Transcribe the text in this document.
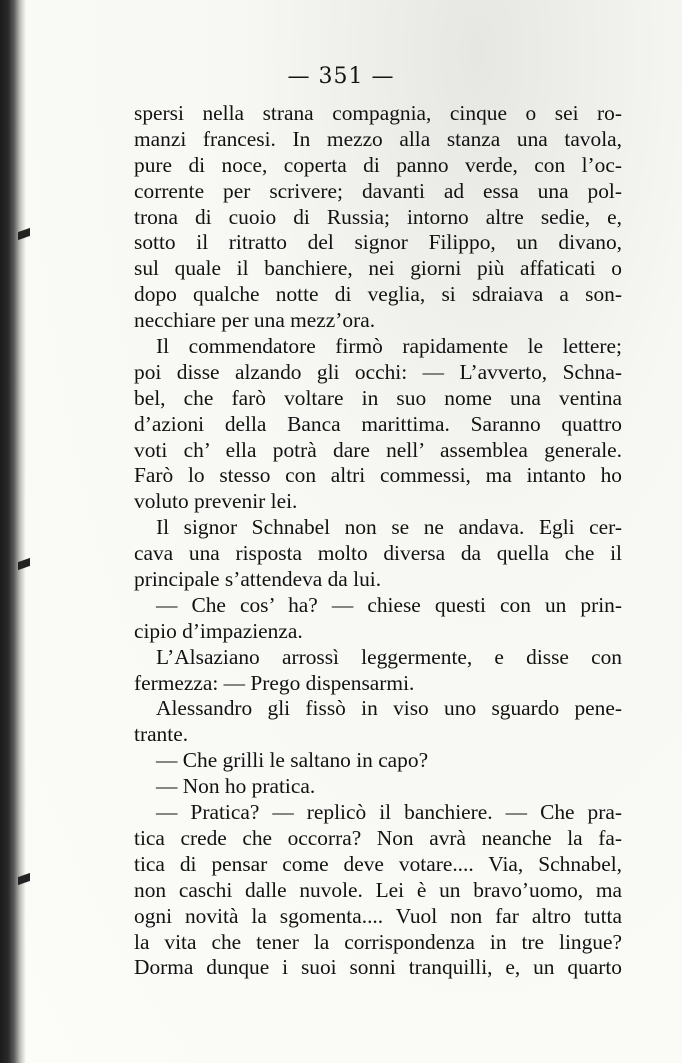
— 351 —
spersi nella strana compagnia, cinque o sei ro-
manzi francesi. In mezzo alla stanza una tavola,
pure di noce, coperta di panno verde, con l’oc-
corrente per scrivere; davanti ad essa una pol-
trona di cuoio di Russia; intorno altre sedie, e,
sotto il ritratto del signor Filippo, un divano,
sul quale il banchiere, nei giorni più affaticati o
dopo qualche notte di veglia, si sdraiava a son-
necchiare per una mezz’ora.
Il commendatore firmò rapidamente le lettere;
poi disse alzando gli occhi: — L’avverto, Schna-
bel, che farò voltare in suo nome una ventina
d’azioni della Banca marittima. Saranno quattro
voti ch’ ella potrà dare nell’ assemblea generale.
Farò lo stesso con altri commessi, ma intanto ho
voluto prevenir lei.
Il signor Schnabel non se ne andava. Egli cer-
cava una risposta molto diversa da quella che il
principale s’attendeva da lui.
— Che cos’ ha? — chiese questi con un prin-
cipio d’impazienza.
L’Alsaziano arrossì leggermente, e disse con
fermezza: — Prego dispensarmi.
Alessandro gli fissò in viso uno sguardo pene-
trante.
— Che grilli le saltano in capo?
— Non ho pratica.
— Pratica? — replicò il banchiere. — Che pra-
tica crede che occorra? Non avrà neanche la fa-
tica di pensar come deve votare.... Via, Schnabel,
non caschi dalle nuvole. Lei è un bravo’uomo, ma
ogni novità la sgomenta.... Vuol non far altro tutta
la vita che tener la corrispondenza in tre lingue?
Dorma dunque i suoi sonni tranquilli, e, un quarto
